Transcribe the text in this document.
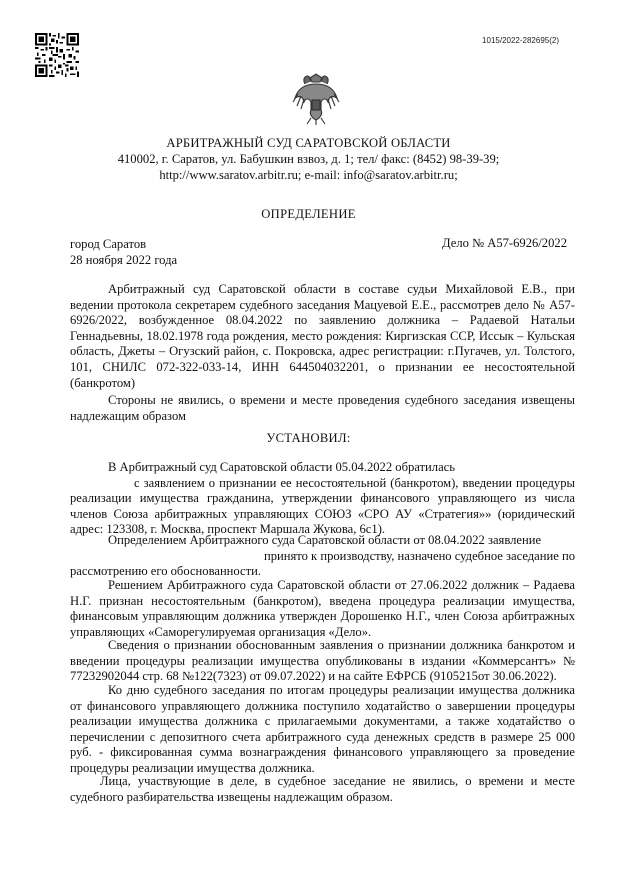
1015/2022-282695(2)
АРБИТРАЖНЫЙ СУД САРАТОВСКОЙ ОБЛАСТИ
410002, г. Саратов, ул. Бабушкин взвоз, д. 1; тел/ факс: (8452) 98-39-39;
http://www.saratov.arbitr.ru; e-mail: info@saratov.arbitr.ru;
ОПРЕДЕЛЕНИЕ
город Саратов
28 ноября 2022 года
Дело № А57-6926/2022
Арбитражный суд Саратовской области в составе судьи Михайловой Е.В., при ведении протокола секретарем судебного заседания Мацуевой Е.Е., рассмотрев дело № А57-6926/2022, возбужденное 08.04.2022 по заявлению должника – Радаевой Натальи Геннадьевны, 18.02.1978 года рождения, место рождения: Киргизская ССР, Иссык – Кульская область, Джеты – Огузский район, с. Покровска, адрес регистрации: г.Пугачев, ул. Толстого, 101, СНИЛС 072-322-033-14, ИНН 644504032201, о признании ее несостоятельной (банкротом)
Стороны не явились, о времени и месте проведения судебного заседания извещены надлежащим образом
УСТАНОВИЛ:
В Арбитражный суд Саратовской области 05.04.2022 обратилась
с заявлением о признании ее несостоятельной (банкротом), введении процедуры реализации имущества гражданина, утверждении финансового управляющего из числа членов Союза арбитражных управляющих СОЮЗ «СРО АУ «Стратегия»» (юридический адрес: 123308, г. Москва, проспект Маршала Жукова, 6с1).
Определением Арбитражного суда Саратовской области от 08.04.2022 заявление
принято к производству, назначено судебное заседание по
рассмотрению его обоснованности.
Решением Арбитражного суда Саратовской области от 27.06.2022 должник – Радаева Н.Г. признан несостоятельным (банкротом), введена процедура реализации имущества, финансовым управляющим должника утвержден Дорошенко Н.Г., член Союза арбитражных управляющих «Саморегулируемая организация «Дело».
Сведения о признании обоснованным заявления о признании должника банкротом и введении процедуры реализации имущества опубликованы в издании «Коммерсантъ» № 77232902044 стр. 68 №122(7323) от 09.07.2022) и на сайте ЕФРСБ (9105215от 30.06.2022).
Ко дню судебного заседания по итогам процедуры реализации имущества должника от финансового управляющего должника поступило ходатайство о завершении процедуры реализации имущества должника с прилагаемыми документами, а также ходатайство о перечислении с депозитного счета арбитражного суда денежных средств в размере 25 000 руб. - фиксированная сумма вознаграждения финансового управляющего за проведение процедуры реализации имущества должника.
Лица, участвующие в деле, в судебное заседание не явились, о времени и месте судебного разбирательства извещены надлежащим образом.
